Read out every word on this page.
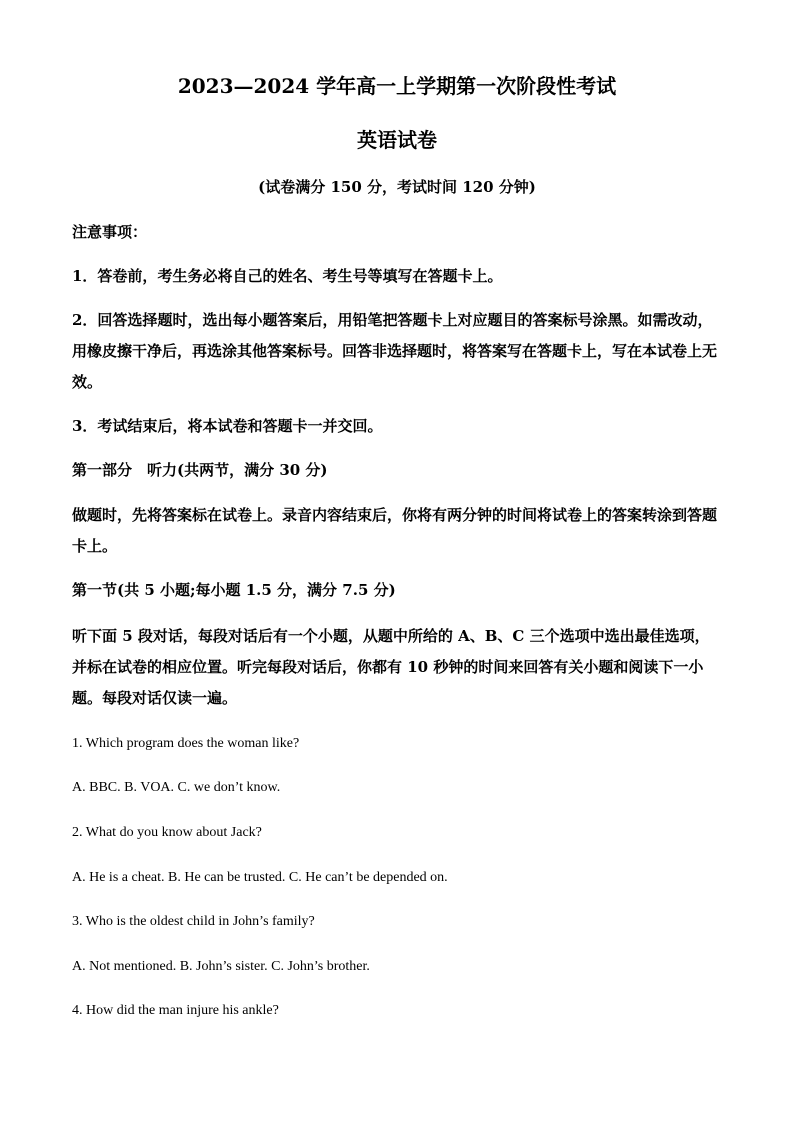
2023—2024 学年高一上学期第一次阶段性考试
英语试卷
(试卷满分 150 分，考试时间 120 分钟)

注意事项：

1．答卷前，考生务必将自己的姓名、考生号等填写在答题卡上。

2．回答选择题时，选出每小题答案后，用铅笔把答题卡上对应题目的答案标号涂黑。如需改动，用橡皮擦干净后，再选涂其他答案标号。回答非选择题时，将答案写在答题卡上，写在本试卷上无效。

3．考试结束后，将本试卷和答题卡一并交回。

第一部分　听力(共两节，满分 30 分)

做题时，先将答案标在试卷上。录音内容结束后，你将有两分钟的时间将试卷上的答案转涂到答题卡上。

第一节(共 5 小题;每小题 1.5 分，满分 7.5 分)

听下面 5 段对话，每段对话后有一个小题，从题中所给的 A、B、C 三个选项中选出最佳选项，并标在试卷的相应位置。听完每段对话后，你都有 10 秒钟的时间来回答有关小题和阅读下一小题。每段对话仅读一遍。

1. Which program does the woman like?

A. BBC. B. VOA. C. we don’t know.

2. What do you know about Jack?

A. He is a cheat. B. He can be trusted. C. He can’t be depended on.

3. Who is the oldest child in John’s family?

A. Not mentioned. B. John’s sister. C. John’s brother.

4. How did the man injure his ankle?
